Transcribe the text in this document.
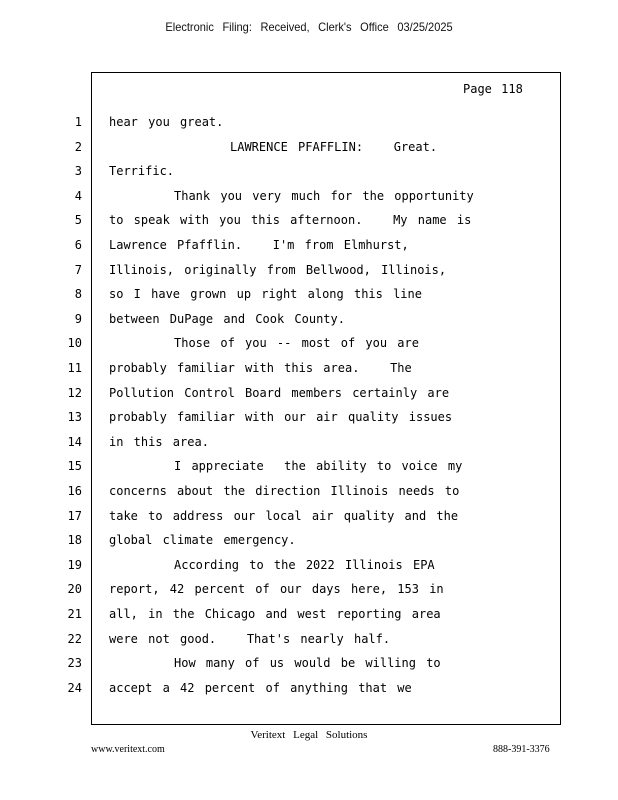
Electronic Filing: Received, Clerk's Office 03/25/2025
Page 118
1 hear you great.
2	LAWRENCE PFAFFLIN:   Great.
3 Terrific.
4	Thank you very much for the opportunity
5 to speak with you this afternoon.   My name is
6 Lawrence Pfafflin.   I'm from Elmhurst,
7 Illinois, originally from Bellwood, Illinois,
8 so I have grown up right along this line
9 between DuPage and Cook County.
10	Those of you -- most of you are
11 probably familiar with this area.   The
12 Pollution Control Board members certainly are
13 probably familiar with our air quality issues
14 in this area.
15	I appreciate  the ability to voice my
16 concerns about the direction Illinois needs to
17 take to address our local air quality and the
18 global climate emergency.
19	According to the 2022 Illinois EPA
20 report, 42 percent of our days here, 153 in
21 all, in the Chicago and west reporting area
22 were not good.   That's nearly half.
23	How many of us would be willing to
24 accept a 42 percent of anything that we
Veritext Legal Solutions
www.veritext.com	888-391-3376
